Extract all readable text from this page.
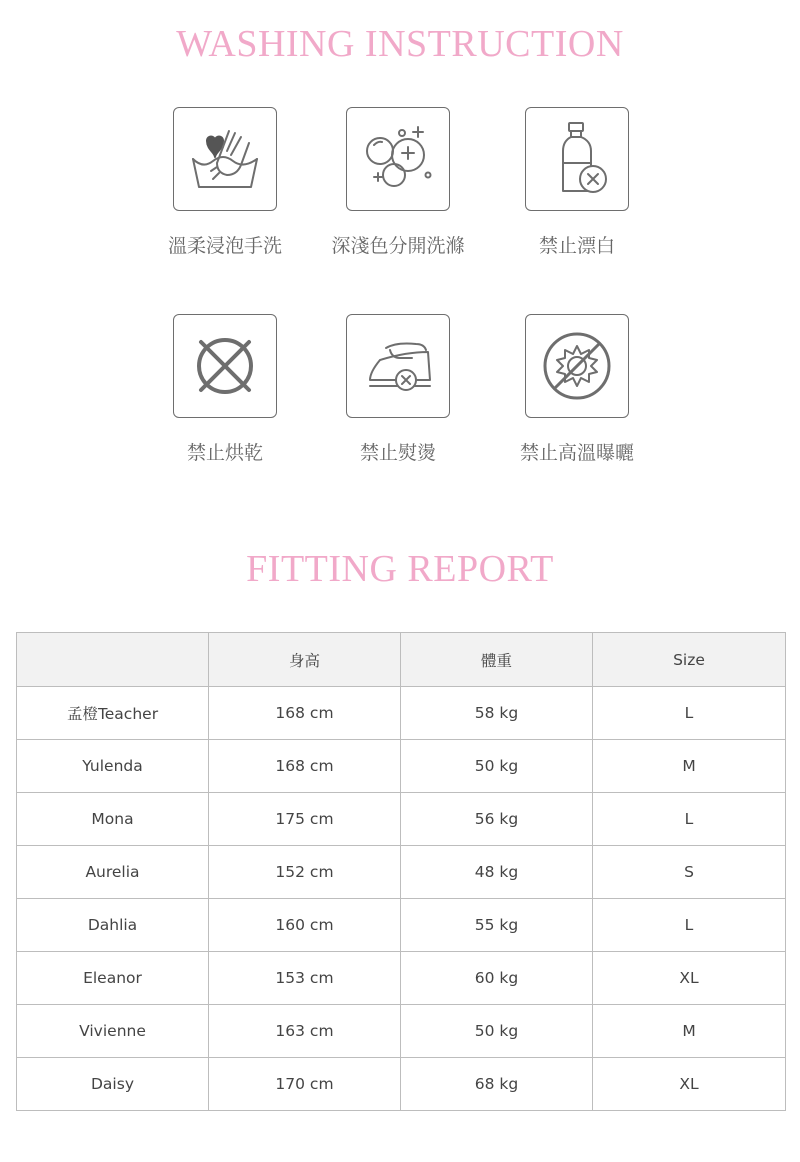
WASHING INSTRUCTION
溫柔浸泡手洗	深淺色分開洗滌	禁止漂白
禁止烘乾	禁止熨燙	禁止高溫曝曬
FITTING REPORT
	身高	體重	Size
孟橙Teacher	168 cm	58 kg	L
Yulenda	168 cm	50 kg	M
Mona	175 cm	56 kg	L
Aurelia	152 cm	48 kg	S
Dahlia	160 cm	55 kg	L
Eleanor	153 cm	60 kg	XL
Vivienne	163 cm	50 kg	M
Daisy	170 cm	68 kg	XL
